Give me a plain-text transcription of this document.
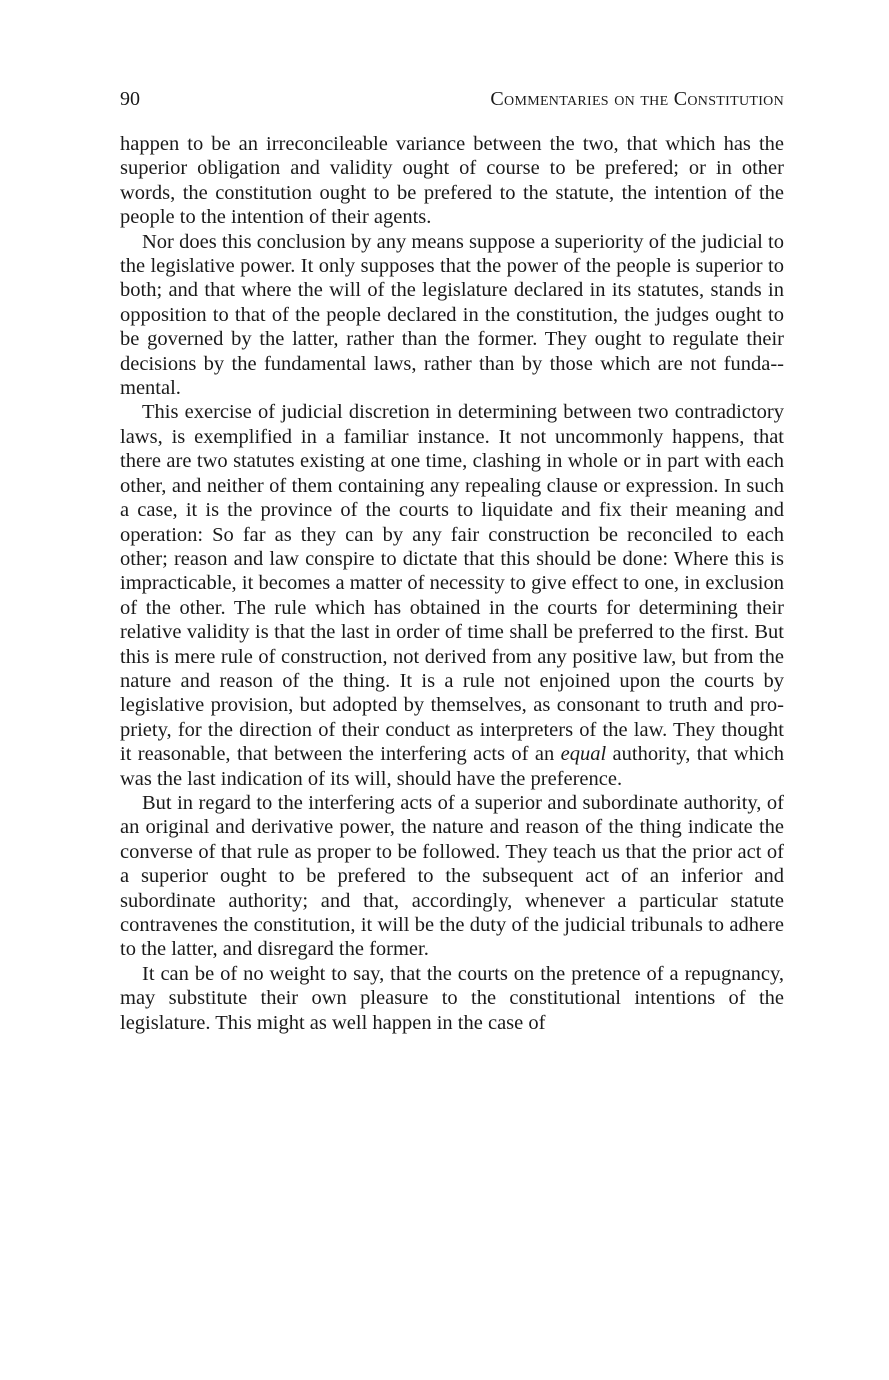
90	Commentaries on the Constitution

happen to be an irreconcileable variance between the two, that which has the superior obligation and validity ought of course to be prefered; or in other words, the constitution ought to be prefered to the statute, the intention of the people to the intention of their agents.

Nor does this conclusion by any means suppose a superiority of the judicial to the legislative power. It only supposes that the power of the people is superior to both; and that where the will of the legislature declared in its statutes, stands in opposition to that of the people declared in the constitution, the judges ought to be governed by the latter, rather than the former. They ought to regulate their decisions by the fundamental laws, rather than by those which are not funda-mental.

This exercise of judicial discretion in determining between two contradictory laws, is exemplified in a familiar instance. It not uncommonly happens, that there are two statutes existing at one time, clashing in whole or in part with each other, and neither of them containing any repealing clause or expression. In such a case, it is the province of the courts to liquidate and fix their meaning and operation: So far as they can by any fair construction be reconciled to each other; reason and law conspire to dictate that this should be done: Where this is impracticable, it becomes a matter of necessity to give effect to one, in exclusion of the other. The rule which has obtained in the courts for determining their relative validity is that the last in order of time shall be preferred to the first. But this is mere rule of construction, not derived from any positive law, but from the nature and reason of the thing. It is a rule not enjoined upon the courts by legislative provision, but adopted by themselves, as consonant to truth and propriety, for the direction of their conduct as interpreters of the law. They thought it reasonable, that between the interfering acts of an equal authority, that which was the last indication of its will, should have the preference.

But in regard to the interfering acts of a superior and subordinate authority, of an original and derivative power, the nature and reason of the thing indicate the converse of that rule as proper to be followed. They teach us that the prior act of a superior ought to be prefered to the subsequent act of an inferior and subordinate authority; and that, accordingly, whenever a particular statute contravenes the constitution, it will be the duty of the judicial tribunals to adhere to the latter, and disregard the former.

It can be of no weight to say, that the courts on the pretence of a repugnancy, may substitute their own pleasure to the constitutional intentions of the legislature. This might as well happen in the case of
